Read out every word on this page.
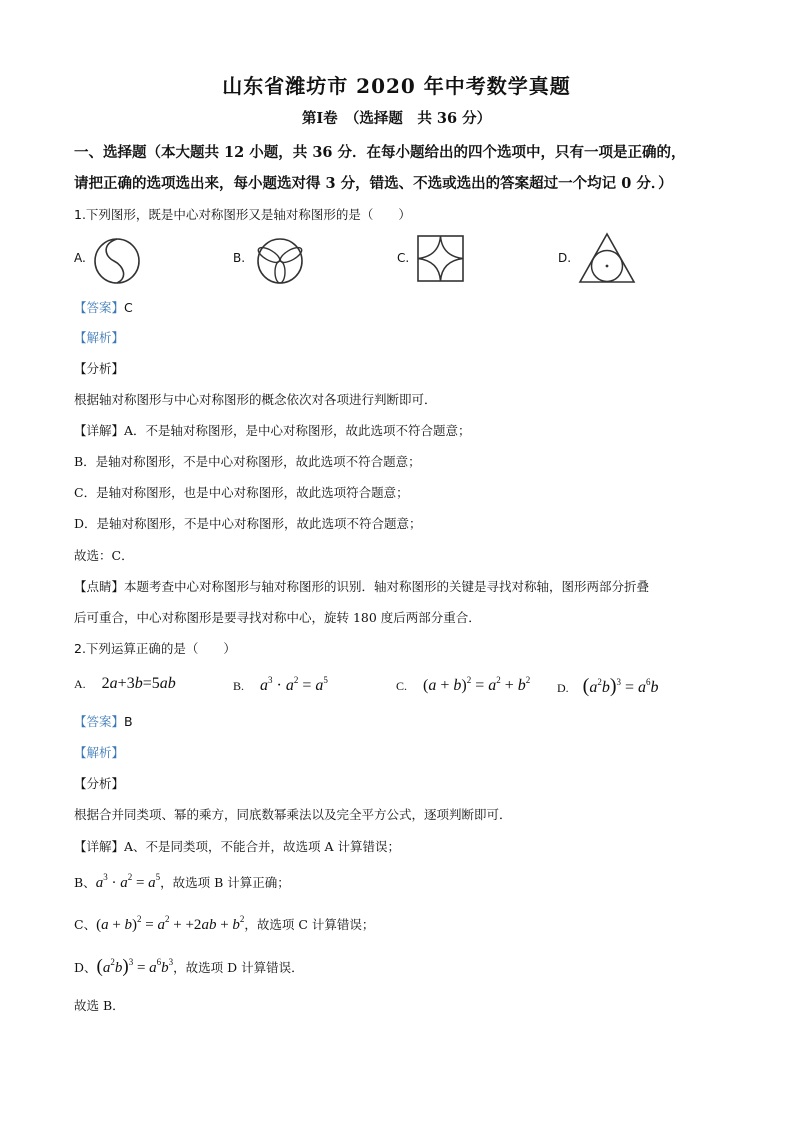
山东省潍坊市 2020 年中考数学真题
第Ⅰ卷　（选择题　共 36 分）
一、选择题（本大题共 12 小题，共 36 分．在每小题给出的四个选项中，只有一项是正确的，
请把正确的选项选出来，每小题选对得 3 分，错选、不选或选出的答案超过一个均记 0 分．）
1.下列图形，既是中心对称图形又是轴对称图形的是（　　）
A.	B.	C.	D.
【答案】C
【解析】
【分析】
根据轴对称图形与中心对称图形的概念依次对各项进行判断即可．
【详解】A．不是轴对称图形，是中心对称图形，故此选项不符合题意；
B．是轴对称图形，不是中心对称图形，故此选项不符合题意；
C．是轴对称图形，也是中心对称图形，故此选项符合题意；
D．是轴对称图形，不是中心对称图形，故此选项不符合题意；
故选：C．
【点睛】本题考查中心对称图形与轴对称图形的识别．轴对称图形的关键是寻找对称轴，图形两部分折叠
后可重合，中心对称图形是要寻找对称中心，旋转 180 度后两部分重合．
2.下列运算正确的是（　　）
A. 2a+3b=5ab	B. $a^3 \cdot a^2 = a^5$	C. $(a + b)^2 = a^2 + b^2$
D. $(a^2b)^3 = a^6b$
【答案】B
【解析】
【分析】
根据合并同类项、幂的乘方，同底数幂乘法以及完全平方公式，逐项判断即可．
【详解】A、不是同类项，不能合并，故选项 A 计算错误；
B、$a^3 \cdot a^2 = a^5$，故选项 B 计算正确；
C、$(a + b)^2 = a^2 + +2ab + b^2$，故选项 C 计算错误；
D、$(a^2b)^3 = a^6b^3$，故选项 D 计算错误．
故选 B．
